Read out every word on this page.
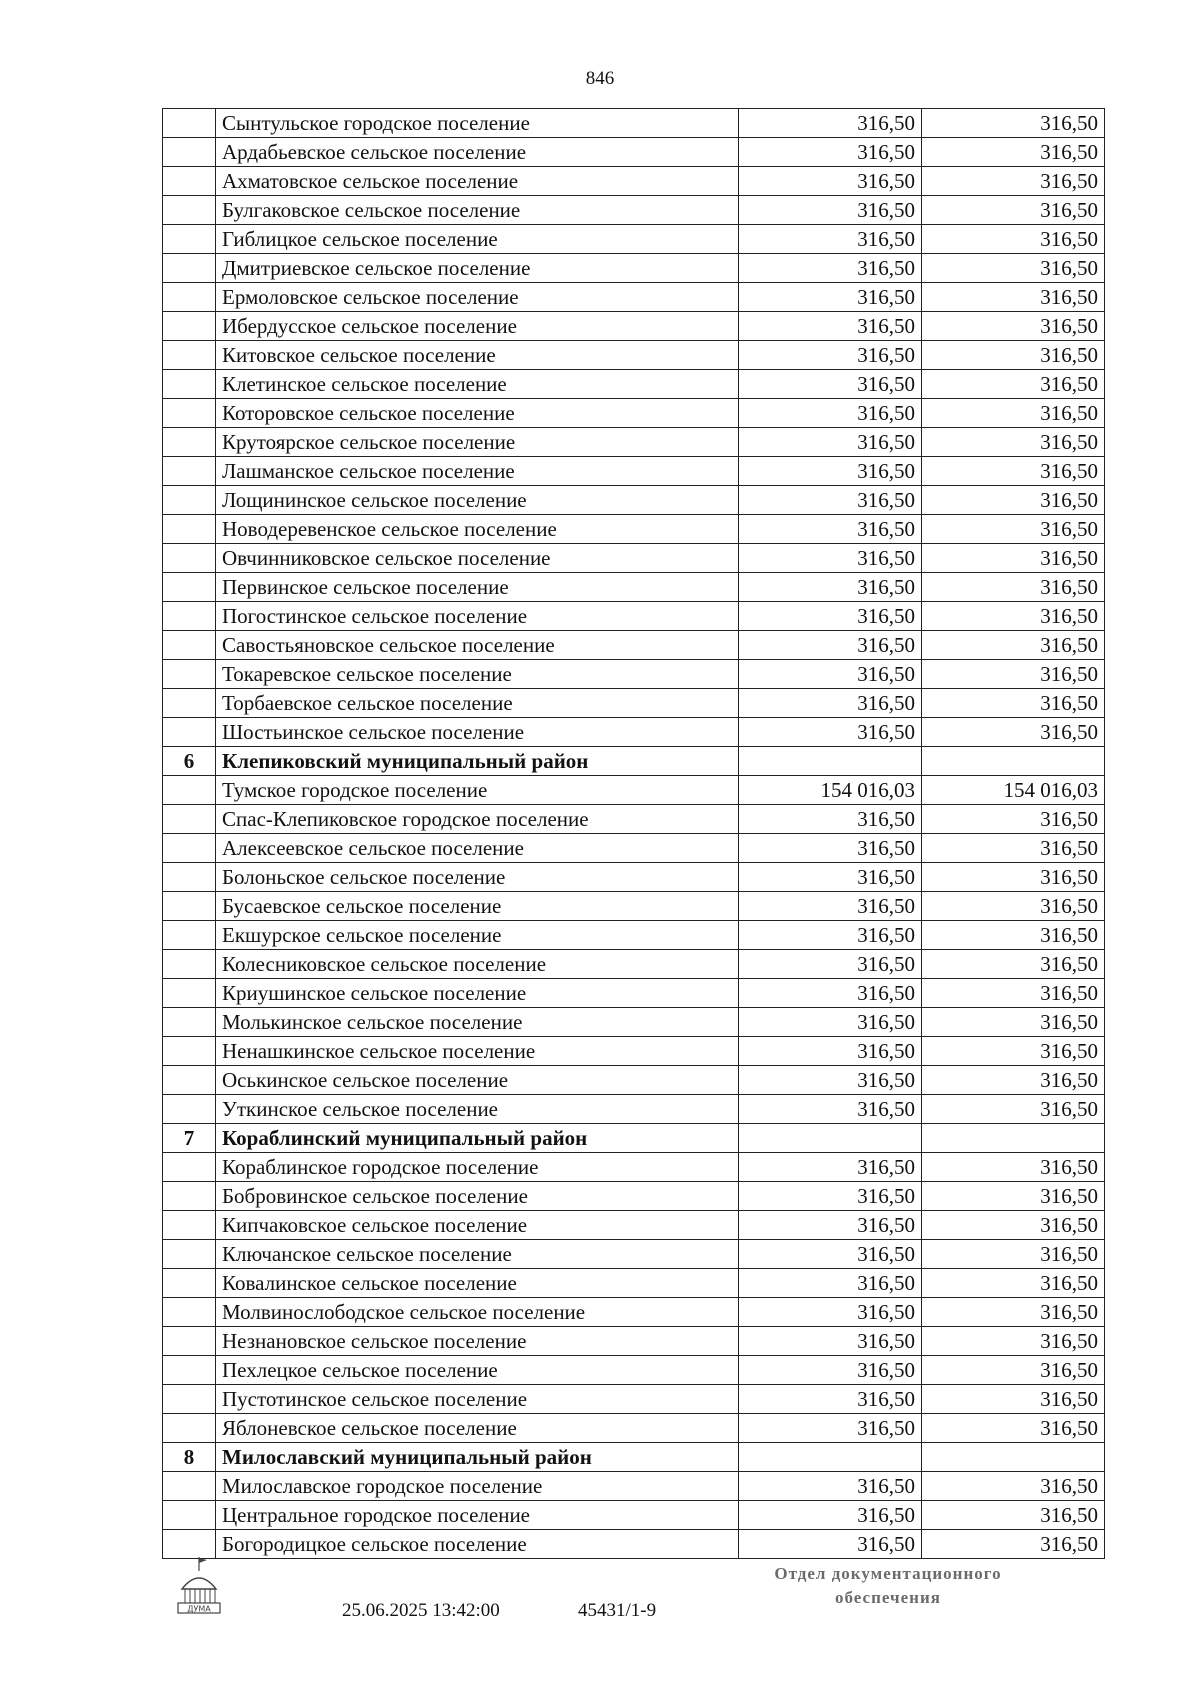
846
	Сынтульское городское поселение	316,50	316,50
	Ардабьевское сельское поселение	316,50	316,50
	Ахматовское сельское поселение	316,50	316,50
	Булгаковское сельское поселение	316,50	316,50
	Гиблицкое сельское поселение	316,50	316,50
	Дмитриевское сельское поселение	316,50	316,50
	Ермоловское сельское поселение	316,50	316,50
	Ибердусское сельское поселение	316,50	316,50
	Китовское сельское поселение	316,50	316,50
	Клетинское сельское поселение	316,50	316,50
	Которовское сельское поселение	316,50	316,50
	Крутоярское сельское поселение	316,50	316,50
	Лашманское сельское поселение	316,50	316,50
	Лощининское сельское поселение	316,50	316,50
	Новодеревенское сельское поселение	316,50	316,50
	Овчинниковское сельское поселение	316,50	316,50
	Первинское сельское поселение	316,50	316,50
	Погостинское сельское поселение	316,50	316,50
	Савостьяновское сельское поселение	316,50	316,50
	Токаревское сельское поселение	316,50	316,50
	Торбаевское сельское поселение	316,50	316,50
	Шостьинское сельское поселение	316,50	316,50
6	Клепиковский муниципальный район		
	Тумское городское поселение	154 016,03	154 016,03
	Спас-Клепиковское городское поселение	316,50	316,50
	Алексеевское сельское поселение	316,50	316,50
	Болоньское сельское поселение	316,50	316,50
	Бусаевское сельское поселение	316,50	316,50
	Екшурское сельское поселение	316,50	316,50
	Колесниковское сельское поселение	316,50	316,50
	Криушинское сельское поселение	316,50	316,50
	Молькинское сельское поселение	316,50	316,50
	Ненашкинское сельское поселение	316,50	316,50
	Оськинское сельское поселение	316,50	316,50
	Уткинское сельское поселение	316,50	316,50
7	Кораблинский муниципальный район		
	Кораблинское городское поселение	316,50	316,50
	Бобровинское сельское поселение	316,50	316,50
	Кипчаковское сельское поселение	316,50	316,50
	Ключанское сельское поселение	316,50	316,50
	Ковалинское сельское поселение	316,50	316,50
	Молвинослободское сельское поселение	316,50	316,50
	Незнановское сельское поселение	316,50	316,50
	Пехлецкое сельское поселение	316,50	316,50
	Пустотинское сельское поселение	316,50	316,50
	Яблоневское сельское поселение	316,50	316,50
8	Милославский муниципальный район		
	Милославское городское поселение	316,50	316,50
	Центральное городское поселение	316,50	316,50
	Богородицкое сельское поселение	316,50	316,50
ДУМА	25.06.2025 13:42:00	45431/1-9
Отдел документационного
обеспечения
